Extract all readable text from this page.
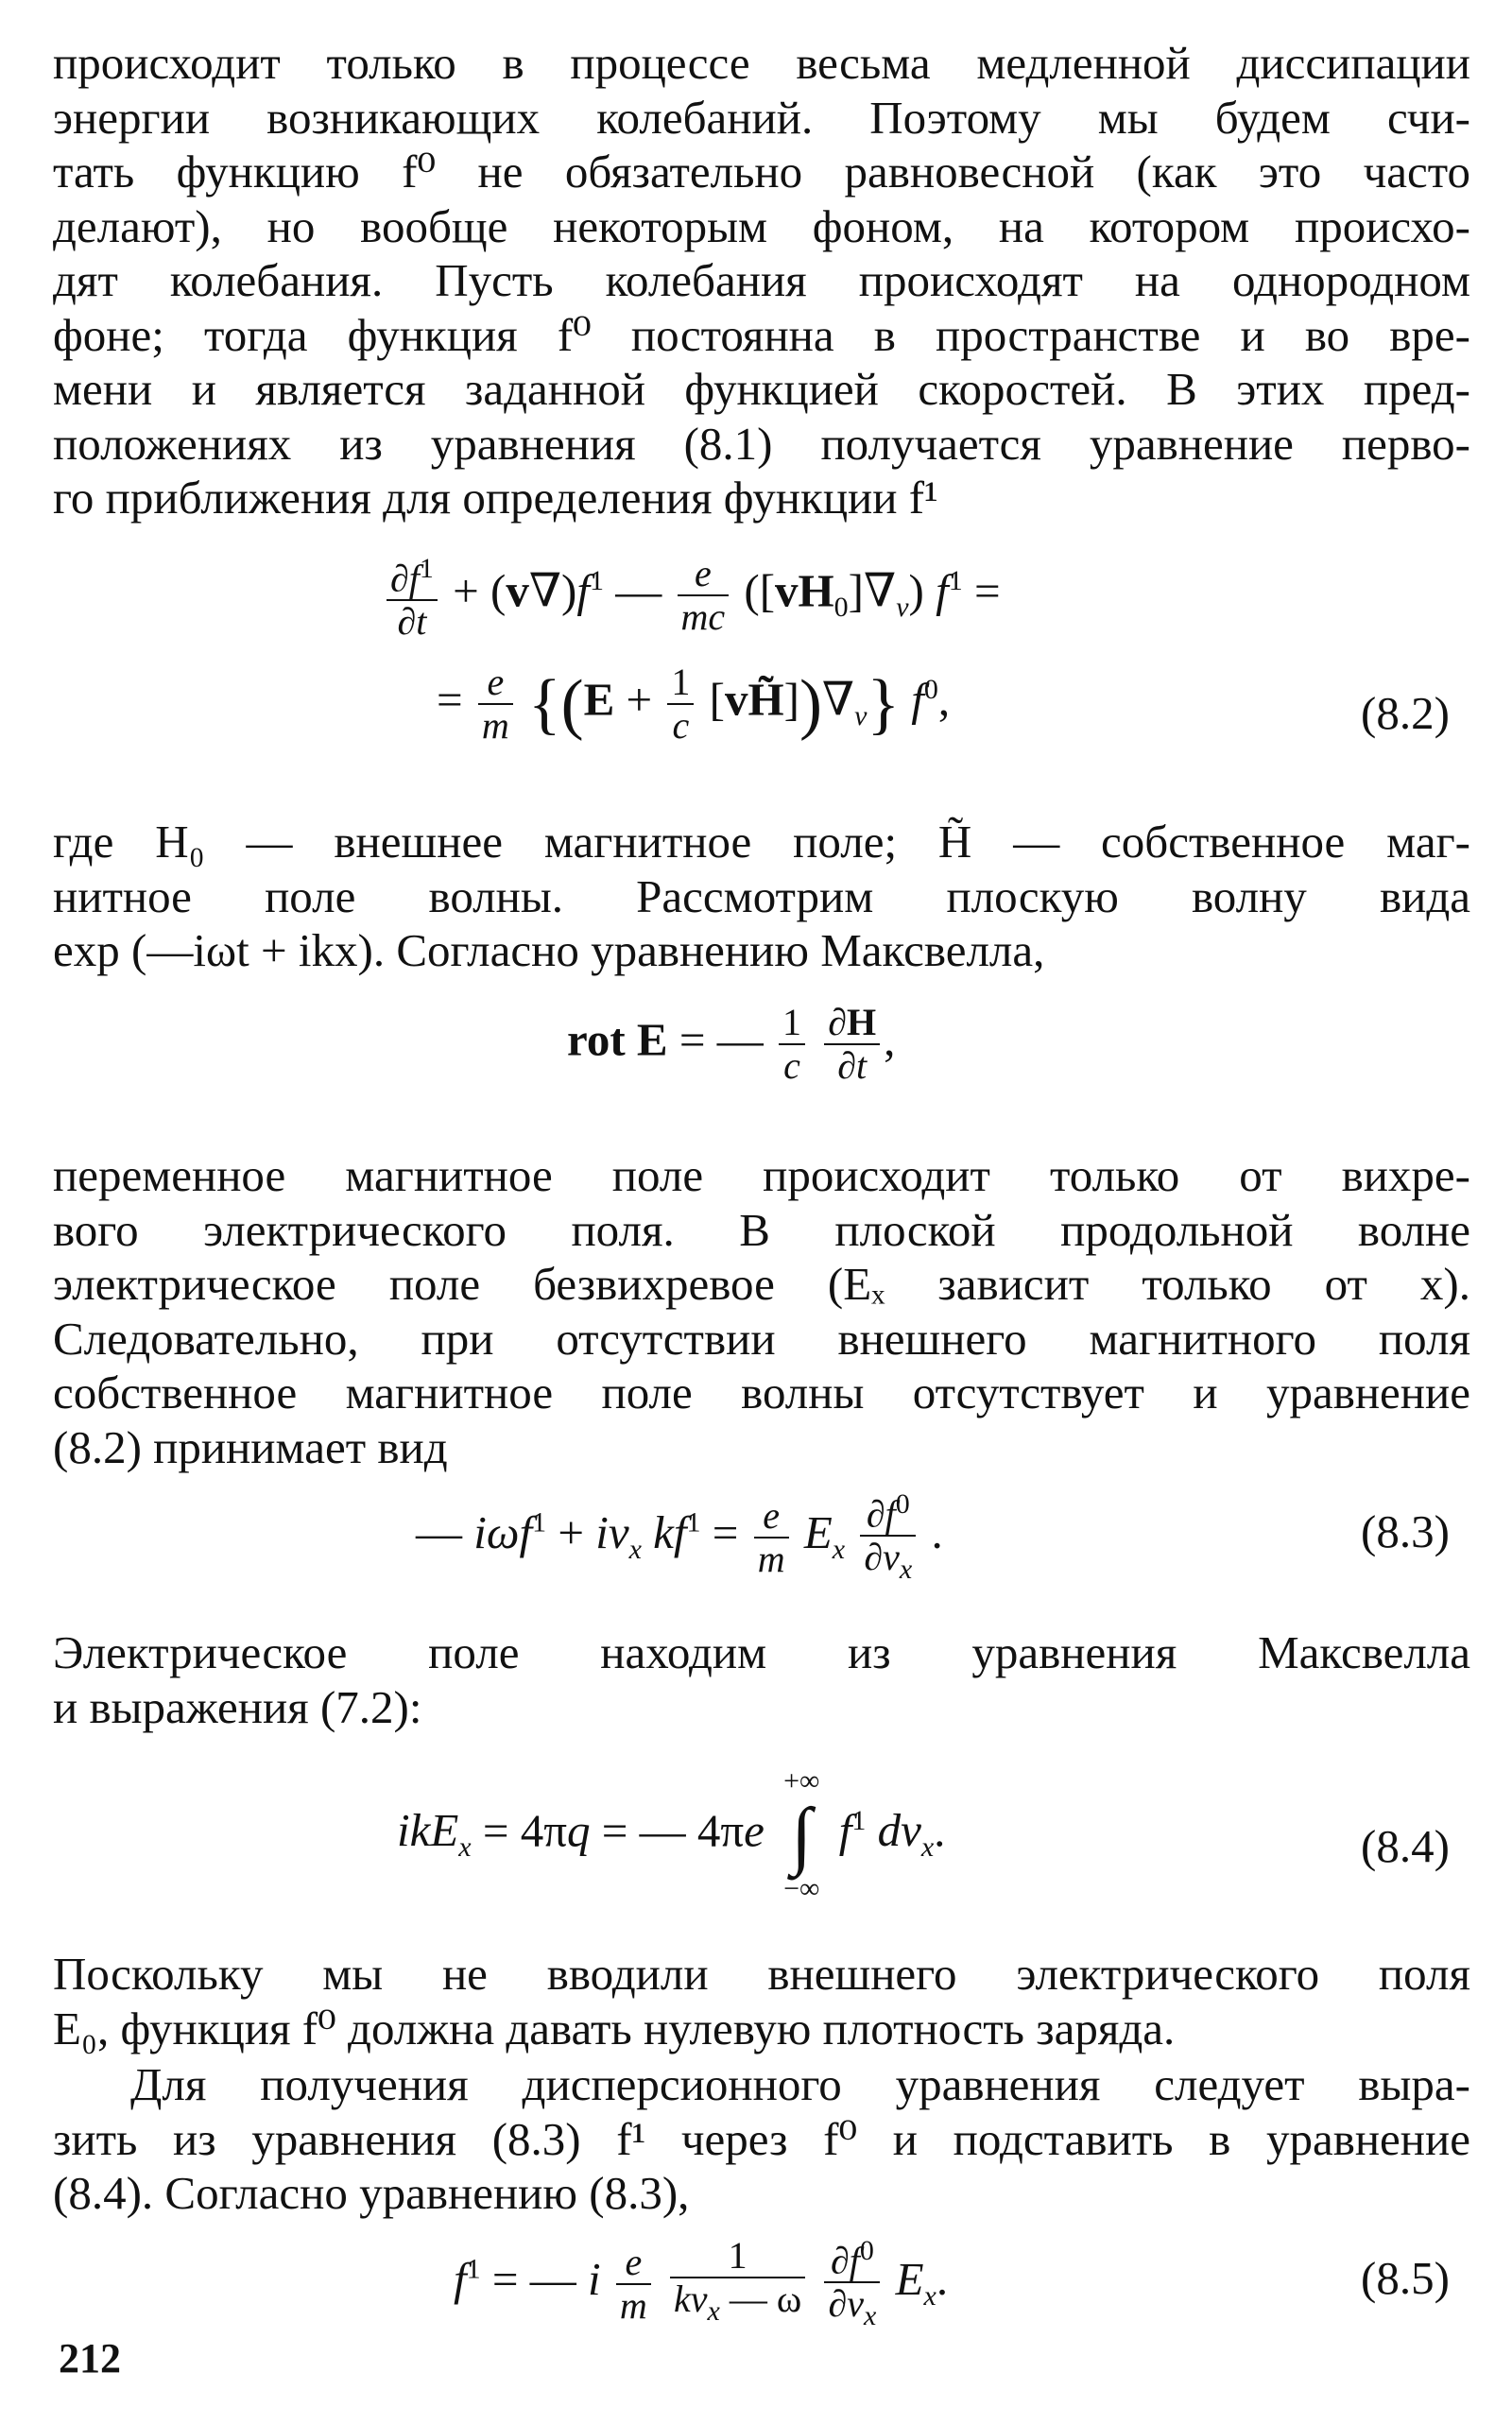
происходит только в процессе весьма медленной диссипации
энергии возникающих колебаний. Поэтому мы будем счи-
тать функцию f⁰ не обязательно равновесной (как это часто
делают), но вообще некоторым фоном, на котором происхо-
дят колебания. Пусть колебания происходят на однородном
фоне; тогда функция f⁰ постоянна в пространстве и во вре-
мени и является заданной функцией скоростей. В этих пред-
положениях из уравнения (8.1) получается уравнение перво-
го приближения для определения функции f¹
$\frac{\partial f^1}{\partial t} + (v\nabla)f^1$ — $\frac{e}{mc} ([vH_0]\nabla_v) f^1$ =
= $\frac{e}{m} \{(E + \frac{1}{c}$ $[vH̃])\nabla_v$} $f^0$,	(8.2)
где H₀ — внешнее магнитное поле; H̃ — собственное маг-
нитное поле волны. Рассмотрим плоскую волну вида
exp (—iωt + ikx). Согласно уравнению Максвелла,
rot E = — $\frac{1}{c}$
$\frac{\partial H}{\partial t}$ ,
переменное магнитное поле происходит только от вихре-
вого электрического поля. В плоской продольной волне
электрическое поле безвихревое (Eₓ зависит только от x).
Следовательно, при отсутствии внешнего магнитного поля
собственное магнитное поле волны отсутствует и уравнение
(8.2) принимает вид
— $i\omega f^1 + iv_x$ $kf^1 = \frac{e}{m} E_x \frac{\partial f^0}{\partial v_x}$ .	(8.3)
Электрическое поле находим из уравнения Максвелла
и выражения (7.2):
ikE$_x$ = 4πq = — 4πe
+∞
∫
−∞
$f^1$ $dv_x$.	(8.4)
Поскольку мы не вводили внешнего электрического поля
E₀, функция f⁰ должна давать нулевую плотность заряда.
Для получения дисперсионного уравнения следует выра-
зить из уравнения (8.3) f¹ через f⁰ и подставить в уравнение
(8.4). Согласно уравнению (8.3),
$f^1$ = — i $\frac{e}{m}$
$\frac{1}{kv_x — \omega}$
$\frac{\partial f^0}{\partial v_x} E_x$.	(8.5)
212
